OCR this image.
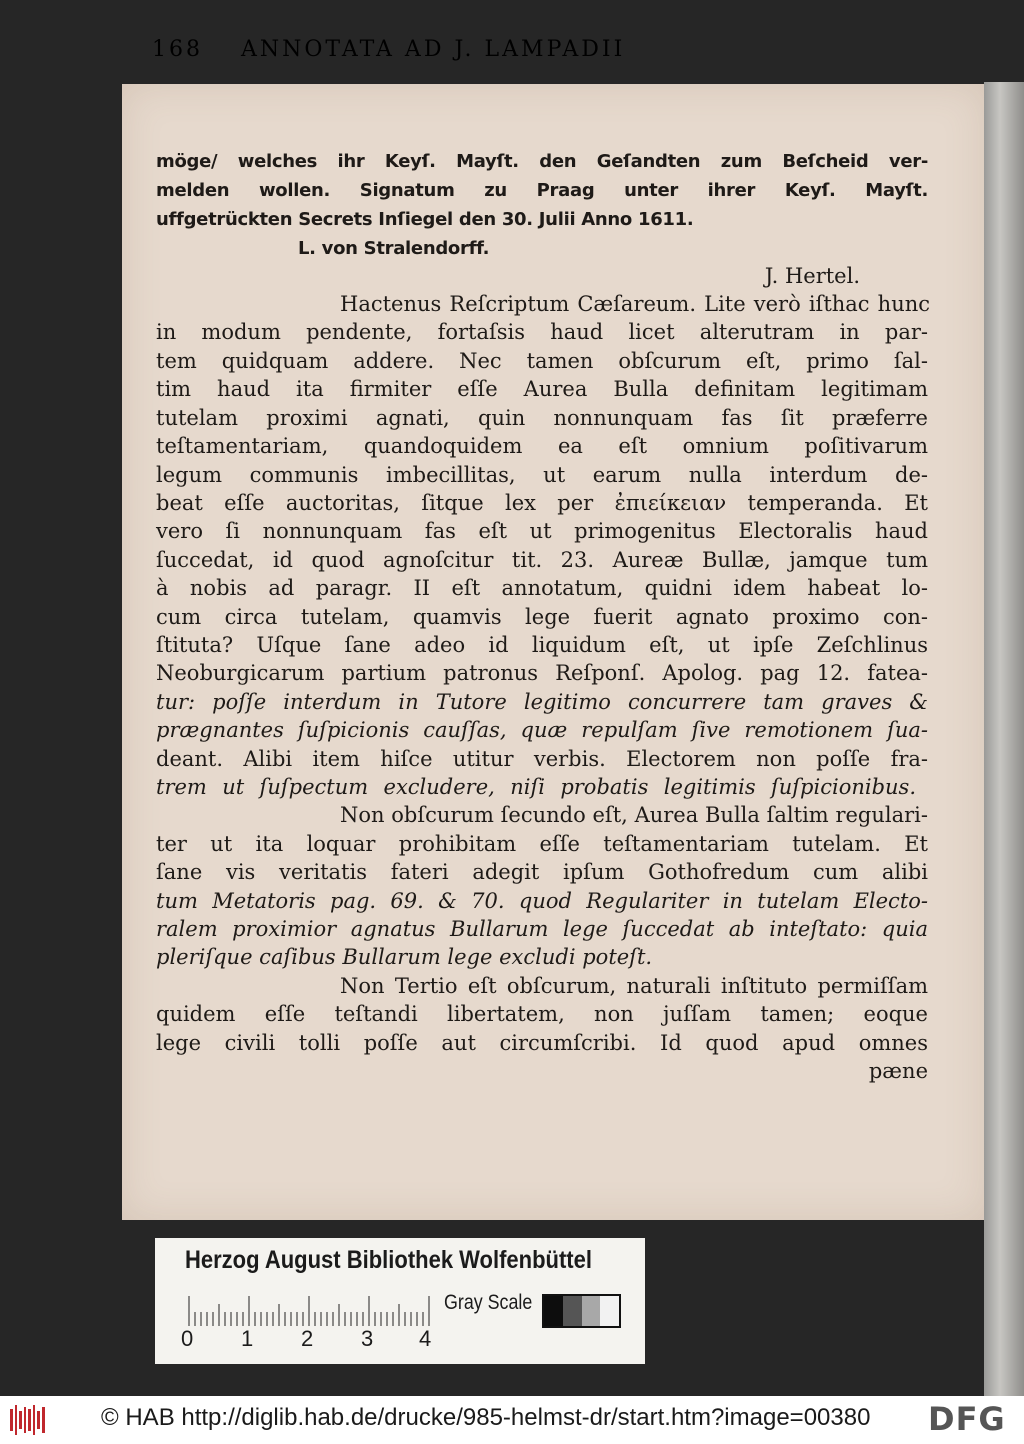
168 ANNOTATA AD J. LAMPADII
möge/ welches ihr Keyſ. Mayſt. den Geſandten zum Beſcheid ver-
melden wollen. Signatum zu Praag unter ihrer Keyſ. Mayſt.
uffgetrückten Secrets Inſiegel den 30. Julii Anno 1611.
L. von Stralendorff.
J. Hertel.
Hactenus Reſcriptum Cæſareum. Lite verò iſthac hunc
in modum pendente, fortaſsis haud licet alterutram in par-
tem quidquam addere. Nec tamen obſcurum eſt, primo ſal-
tim haud ita firmiter eſſe Aurea Bulla definitam legitimam
tutelam proximi agnati, quin nonnunquam fas ſit præferre
teſtamentariam, quandoquidem ea eſt omnium poſitivarum
legum communis imbecillitas, ut earum nulla interdum de-
beat eſſe auctoritas, ſitque lex per ἐπιείκειαν temperanda. Et
vero ſi nonnunquam fas eſt ut primogenitus Electoralis haud
ſuccedat, id quod agnoſcitur tit. 23. Aureæ Bullæ, jamque tum
à nobis ad paragr. II eſt annotatum, quidni idem habeat lo-
cum circa tutelam, quamvis lege fuerit agnato proximo con-
ſtituta? Uſque ſane adeo id liquidum eſt, ut ipſe Zeſchlinus
Neoburgicarum partium patronus Reſponſ. Apolog. pag 12. fatea-
tur: poſſe interdum in Tutore legitimo concurrere tam graves &
prægnantes ſuſpicionis cauſſas, quæ repulſam ſive remotionem ſua-
deant. Alibi item hiſce utitur verbis. Electorem non poſſe fra-
trem ut ſuſpectum excludere, niſi probatis legitimis ſuſpicionibus.
Non obſcurum ſecundo eſt, Aurea Bulla ſaltim regulari-
ter ut ita loquar prohibitam eſſe teſtamentariam tutelam. Et
ſane vis veritatis fateri adegit ipſum Gothofredum cum alibi
tum Metatoris pag. 69. & 70. quod Regulariter in tutelam Electo-
ralem proximior agnatus Bullarum lege ſuccedat ab inteſtato: quia
pleriſque caſibus Bullarum lege excludi poteſt.
Non Tertio eſt obſcurum, naturali inſtituto permiſſam
quidem eſſe teſtandi libertatem, non juſſam tamen; eoque
lege civili tolli poſſe aut circumſcribi. Id quod apud omnes
pæne
Herzog August Bibliothek Wolfenbüttel
0 1 2 3 4
Gray Scale
© HAB http://diglib.hab.de/drucke/985-helmst-dr/start.htm?image=00380 DFG
